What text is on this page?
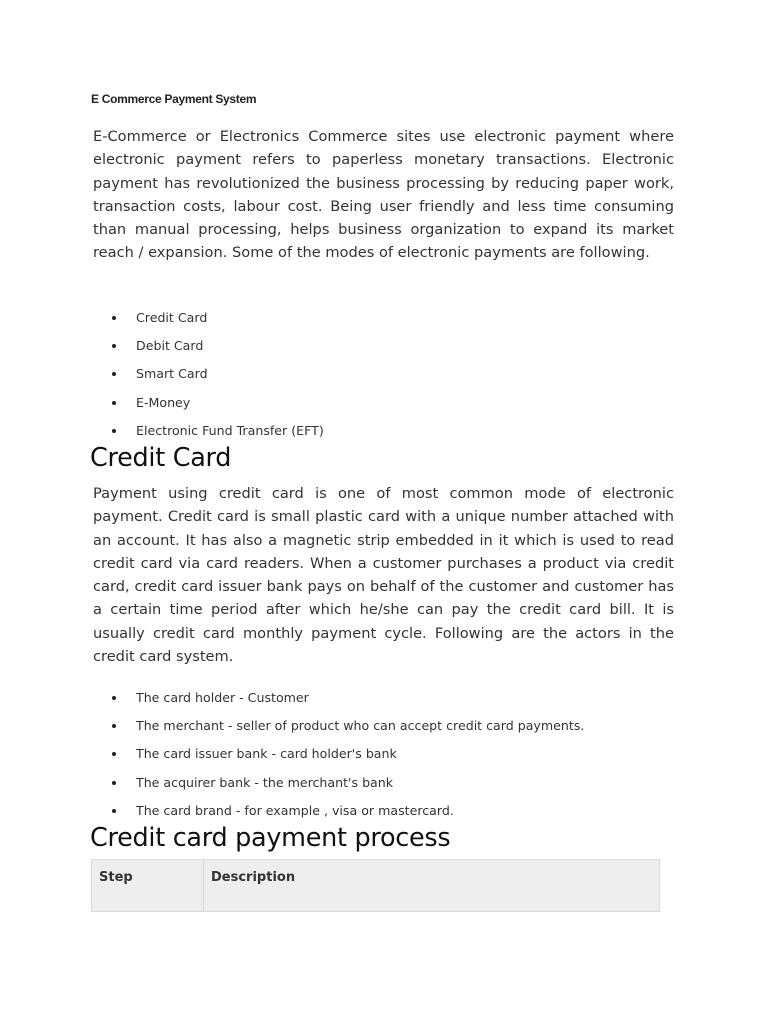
E Commerce Payment System

E-Commerce or Electronics Commerce sites use electronic payment where electronic payment refers to paperless monetary transactions. Electronic payment has revolutionized the business processing by reducing paper work, transaction costs, labour cost. Being user friendly and less time consuming than manual processing, helps business organization to expand its market reach / expansion. Some of the modes of electronic payments are following.

Credit Card
Debit Card
Smart Card
E-Money
Electronic Fund Transfer (EFT)
Credit Card

Payment using credit card is one of most common mode of electronic payment. Credit card is small plastic card with a unique number attached with an account. It has also a magnetic strip embedded in it which is used to read credit card via card readers. When a customer purchases a product via credit card, credit card issuer bank pays on behalf of the customer and customer has a certain time period after which he/she can pay the credit card bill. It is usually credit card monthly payment cycle. Following are the actors in the credit card system.

The card holder - Customer
The merchant - seller of product who can accept credit card payments.
The card issuer bank - card holder's bank
The acquirer bank - the merchant's bank
The card brand - for example , visa or mastercard.
Credit card payment process
Step	Description
